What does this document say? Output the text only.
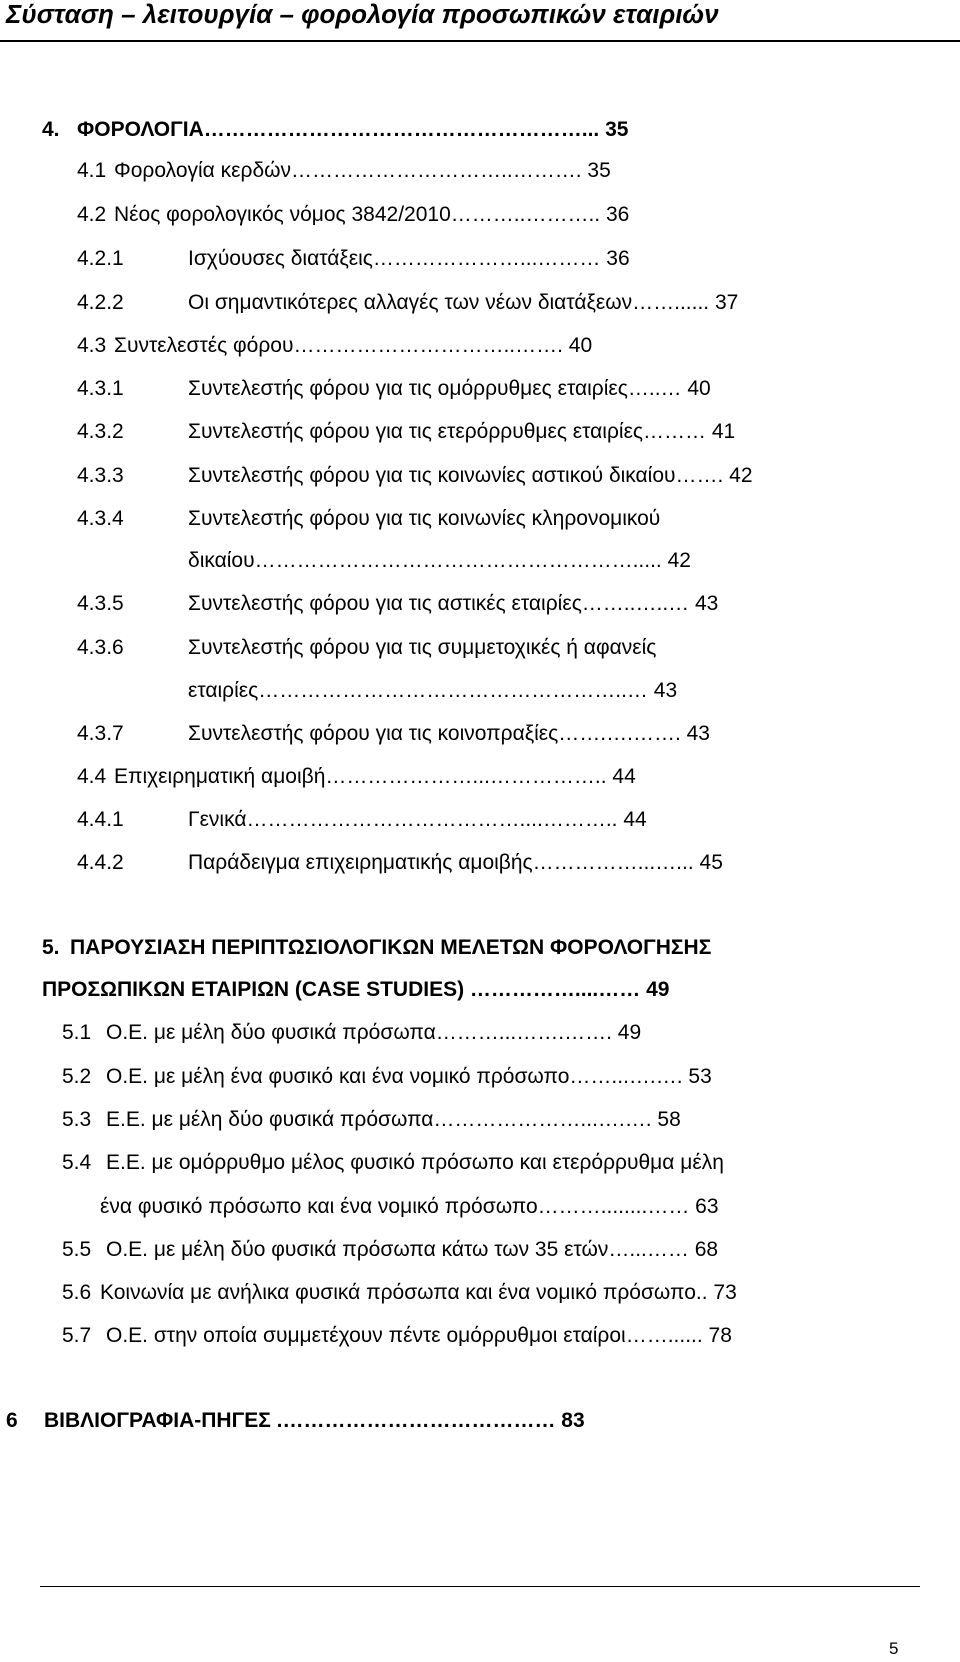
Σύσταση – λειτουργία – φορολογία προσωπικών εταιριών
4. ΦΟΡΟΛΟΓΙΑ………………………………………………... 35
4.1 Φορολογία κερδών…………………………..………. 35
4.2 Νέος φορολογικός νόμος 3842/2010………..……….. 36
4.2.1	Ισχύουσες διατάξεις…………………...……… 36
4.2.2	Οι σημαντικότερες αλλαγές των νέων διατάξεων……...... 37
4.3 Συντελεστές φόρου…………………………..……. 40
4.3.1	Συντελεστής φόρου για τις ομόρρυθμες εταιρίες…..… 40
4.3.2	Συντελεστής φόρου για τις ετερόρρυθμες εταιρίες……… 41
4.3.3	Συντελεστής φόρου για τις κοινωνίες αστικού δικαίου……. 42
4.3.4	Συντελεστής φόρου για τις κοινωνίες κληρονομικού
δικαίου………………………………………………..... 42
4.3.5	Συντελεστής φόρου για τις αστικές εταιρίες……..…..… 43
4.3.6	Συντελεστής φόρου για τις συμμετοχικές ή αφανείς
εταιρίες……………………………………………..… 43
4.3.7	Συντελεστής φόρου για τις κοινοπραξίες…….….……. 43
4.4 Επιχειρηματική αμοιβή…………………...…………….. 44
4.4.1	Γενικά…………………………………....……….. 44
4.4.2	Παράδειγμα επιχειρηματικής αμοιβής……………...…... 45
5. ΠΑΡΟΥΣΙΑΣΗ ΠΕΡΙΠΤΩΣΙΟΛΟΓΙΚΩΝ ΜΕΛΕΤΩΝ ΦΟΡΟΛΟΓΗΣΗΣ
ΠΡΟΣΩΠΙΚΩΝ ΕΤΑΙΡΙΩΝ (CASE STUDIES) ……………....…… 49
5.1 Ο.Ε. με μέλη δύο φυσικά πρόσωπα………...…….……. 49
5.2 Ο.Ε. με μέλη ένα φυσικό και ένα νομικό πρόσωπο……...….…. 53
5.3 Ε.Ε. με μέλη δύο φυσικά πρόσωπα…………………...….…. 58
5.4 Ε.Ε. με ομόρρυθμο μέλος φυσικό πρόσωπο και ετερόρρυθμα μέλη
ένα φυσικό πρόσωπο και ένα νομικό πρόσωπο………........…… 63
5.5 Ο.Ε. με μέλη δύο φυσικά πρόσωπα κάτω των 35 ετών…...…… 68
5.6 Κοινωνία με ανήλικα φυσικά πρόσωπα και ένα νομικό πρόσωπο.. 73
5.7 Ο.Ε. στην οποία συμμετέχουν πέντε ομόρρυθμοι εταίροι……...... 78
6 ΒΙΒΛΙΟΓΡΑΦΙΑ-ΠΗΓΕΣ .………………………………… 83
5
